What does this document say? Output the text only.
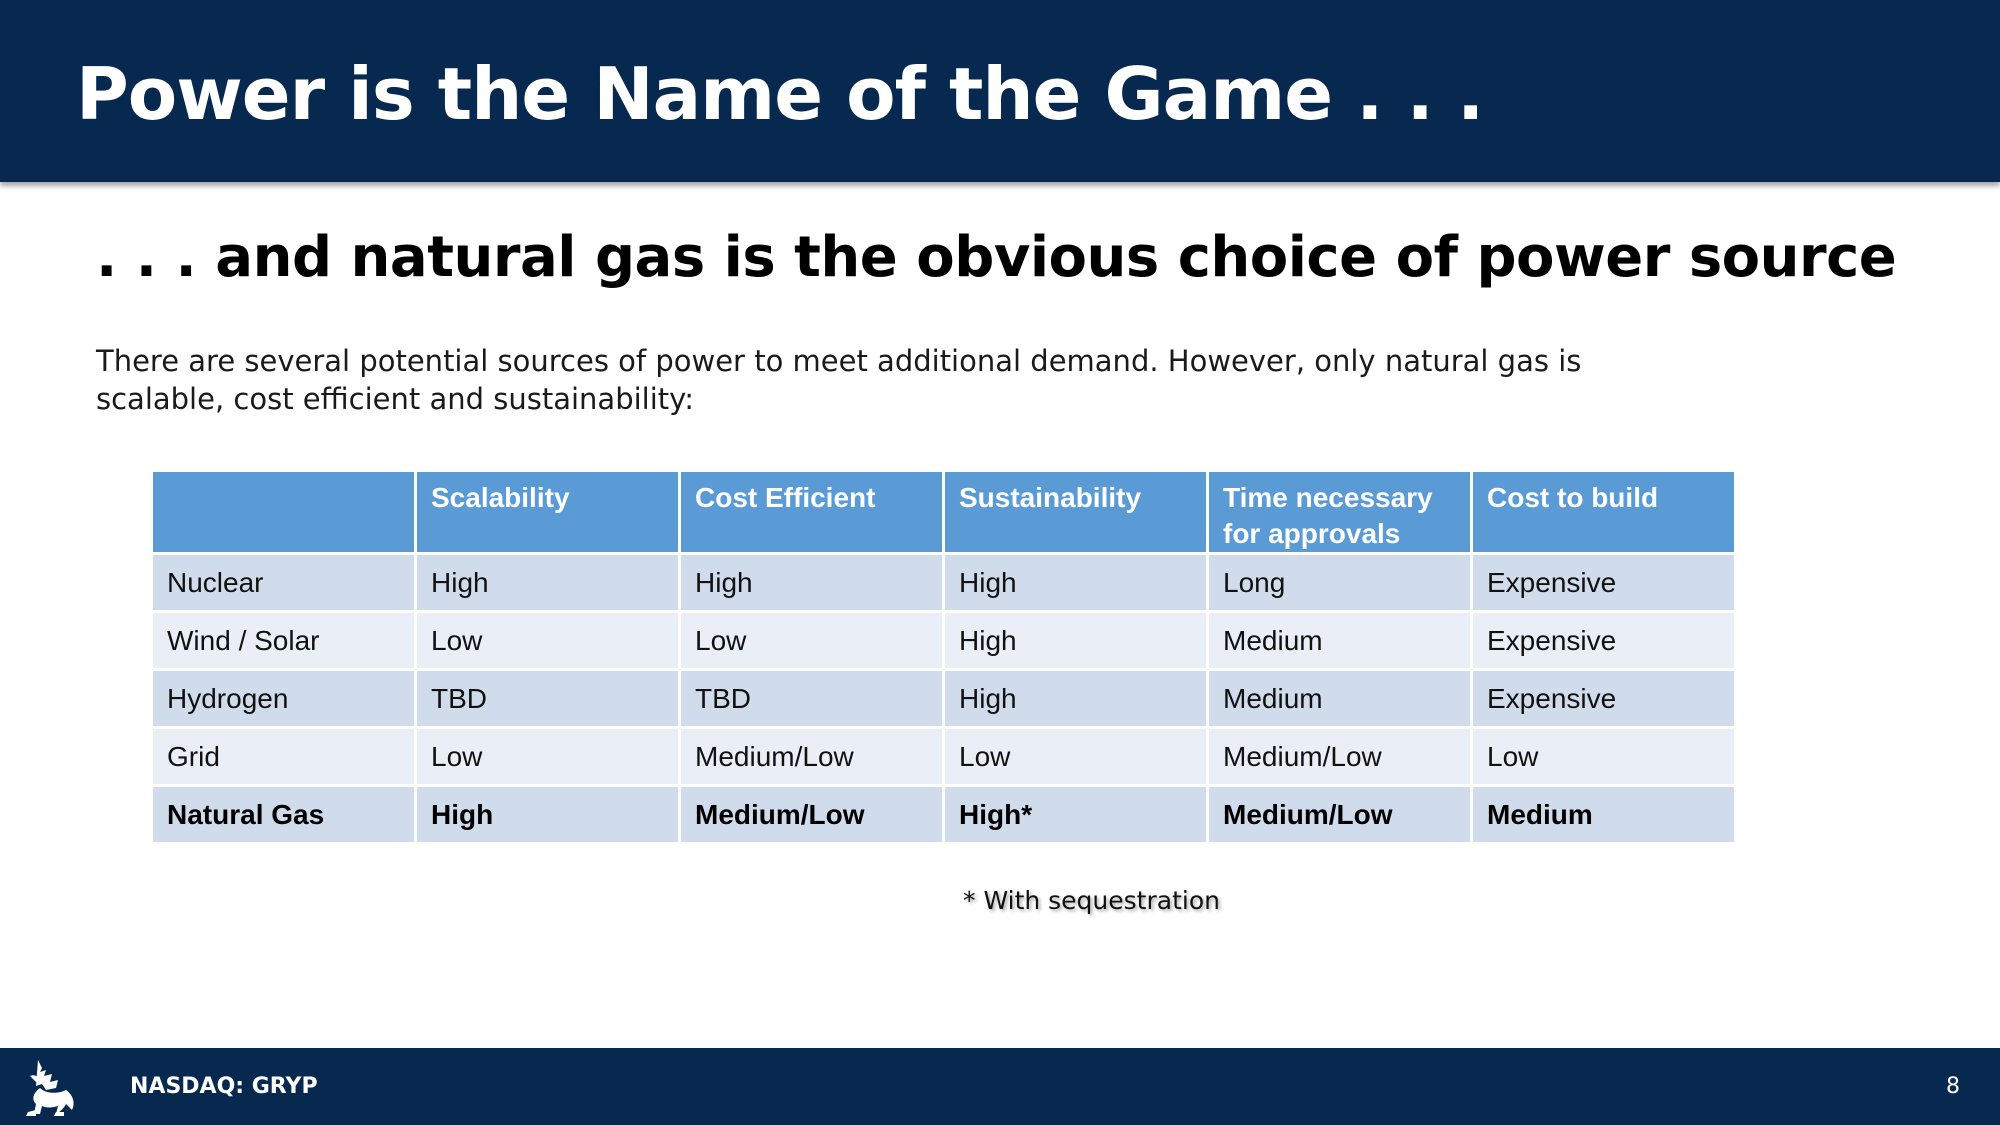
Power is the Name of the Game . . .
. . . and natural gas is the obvious choice of power source
There are several potential sources of power to meet additional demand. However, only natural gas is scalable, cost efficient and sustainability:
	Scalability	Cost Efficient	Sustainability	Time necessary for approvals	Cost to build
Nuclear	High	High	High	Long	Expensive
Wind / Solar	Low	Low	High	Medium	Expensive
Hydrogen	TBD	TBD	High	Medium	Expensive
Grid	Low	Medium/Low	Low	Medium/Low	Low
Natural Gas	High	Medium/Low	High*	Medium/Low	Medium
* With sequestration
NASDAQ: GRYP	8
